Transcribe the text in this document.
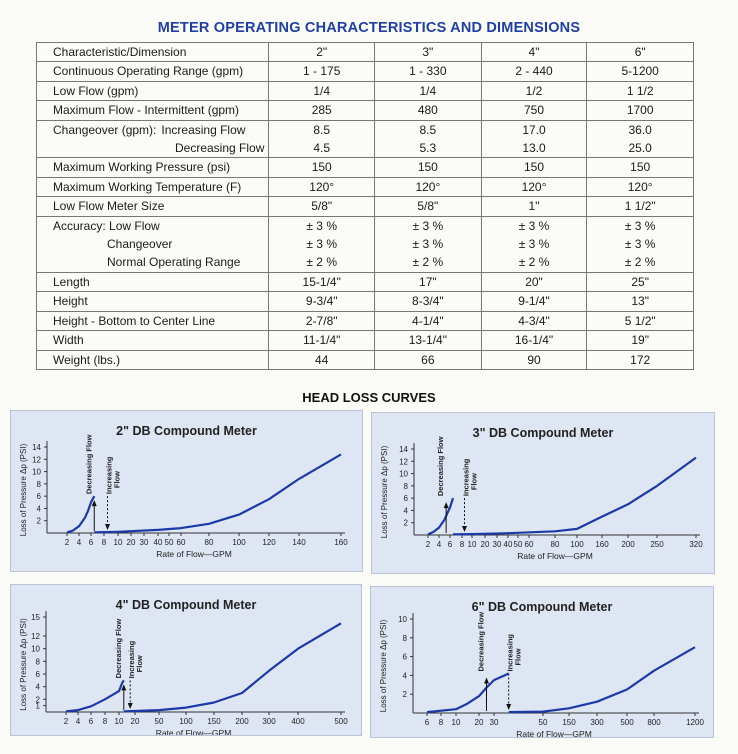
METER OPERATING CHARACTERISTICS AND DIMENSIONS
Characteristic/Dimension	2"	3"	4"	6"
Continuous Operating Range (gpm)	1 - 175	1 - 330	2 - 440	5-1200
Low Flow (gpm)	1/4	1/4	1/2	1 1/2
Maximum Flow - Intermittent (gpm)	285	480	750	1700
Changeover (gpm): Increasing Flow	8.5	8.5	17.0	36.0
Decreasing Flow	4.5	5.3	13.0	25.0
Maximum Working Pressure (psi)	150	150	150	150
Maximum Working Temperature (F)	120°	120°	120°	120°
Low Flow Meter Size	5/8"	5/8"	1"	1 1/2"
Accuracy: Low Flow	± 3 %	± 3 %	± 3 %	± 3 %
Changeover	± 3 %	± 3 %	± 3 %	± 3 %
Normal Operating Range	± 2 %	± 2 %	± 2 %	± 2 %
Length	15-1/4"	17"	20"	25"
Height	9-3/4"	8-3/4"	9-1/4"	13"
Height - Bottom to Center Line	2-7/8"	4-1/4"	4-3/4"	5 1/2"
Width	11-1/4"	13-1/4"	16-1/4"	19"
Weight (lbs.)	44	66	90	172
HEAD LOSS CURVES
2" DB Compound Meter
2
4
6
8
10
12
14
2 4 6 8 10 20 30 40 50 60 80 100 120 140	160
Rate of Flow—GPM
Loss of Pressure Δp (PSI)	Decreasing Flow Increasing Flow
3" DB Compound Meter
2
4
6
8
10
12
14
2 4 6 8 10 20 30 40 50 60 80 100 160 200 250	320
Rate of Flow—GPM
Loss of Pressure Δp (PSI)	Decreasing Flow Increasing Flow
4" DB Compound Meter
1
2
4
6
8
10
12
15
2 4 6 8 10 20 50 100 150 200 300 400	500
Rate of Flow—GPM
Loss of Pressure Δp (PSI)	Decreasing Flow Increasing Flow
6" DB Compound Meter
2
4
6
8
10
6 8 10 20 30	50 150 300 500 800	1200
Rate of Flow—GPM
Loss of Pressure Δp (PSI)	Decreasing Flow	Increasing Flow
